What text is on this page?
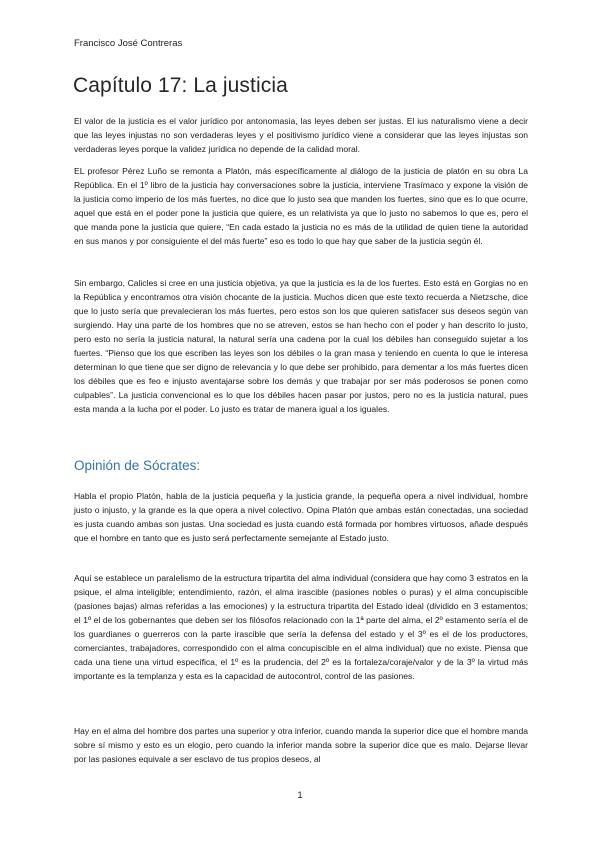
Francisco José Contreras
Capítulo 17: La justicia

El valor de la justicia es el valor jurídico por antonomasia, las leyes deben ser justas. El ius naturalismo viene a decir que las leyes injustas no son verdaderas leyes y el positivismo jurídico viene a considerar que las leyes injustas son verdaderas leyes porque la validez jurídica no depende de la calidad moral.

EL profesor Pérez Luño se remonta a Platón, más específicamente al diálogo de la justicia de platón en su obra La República. En el 1º libro de la justicia hay conversaciones sobre la justicia, interviene Trasímaco y expone la visión de la justicia como imperio de los más fuertes, no dice que lo justo sea que manden los fuertes, sino que es lo que ocurre, aquel que está en el poder pone la justicia que quiere, es un relativista ya que lo justo no sabemos lo que es, pero el que manda pone la justicia que quiere, “En cada estado la justicia no es más de la utilidad de quien tiene la autoridad en sus manos y por consiguiente el del más fuerte” eso es todo lo que hay que saber de la justicia según él.

Sin embargo, Calicles si cree en una justicia objetiva, ya que la justicia es la de los fuertes. Esto está en Gorgias no en la República y encontramos otra visión chocante de la justicia. Muchos dicen que este texto recuerda a Nietzsche, dice que lo justo sería que prevalecieran los más fuertes, pero estos son los que quieren satisfacer sus deseos según van surgiendo. Hay una parte de los hombres que no se atreven, estos se han hecho con el poder y han descrito lo justo, pero esto no sería la justicia natural, la natural sería una cadena por la cual los débiles han conseguido sujetar a los fuertes. “Pienso que los que escriben las leyes son los débiles o la gran masa y teniendo en cuenta lo que le interesa determinan lo que tiene que ser digno de relevancia y lo que debe ser prohibido, para dementar a los más fuertes dicen los débiles que es feo e injusto aventajarse sobre los demás y que trabajar por ser más poderosos se ponen como culpables”. La justicia convencional es lo que los débiles hacen pasar por justos, pero no es la justicia natural, pues esta manda a la lucha por el poder. Lo justo es tratar de manera igual a los iguales.

Opinión de Sócrates:

Habla el propio Platón, habla de la justicia pequeña y la justicia grande, la pequeña opera a nivel individual, hombre justo o injusto, y la grande es la que opera a nivel colectivo. Opina Platón que ambas están conectadas, una sociedad es justa cuando ambas son justas. Una sociedad es justa cuando está formada por hombres virtuosos, añade después que el hombre en tanto que es justo será perfectamente semejante al Estado justo.

Aquí se establece un paralelismo de la estructura tripartita del alma individual (considera que hay como 3 estratos en la psique, el alma inteligible; entendimiento, razón, el alma irascible (pasiones nobles o puras) y el alma concupiscible (pasiones bajas) almas referidas a las emociones) y la estructura tripartita del Estado ideal (dividido en 3 estamentos; el 1º el de los gobernantes que deben ser los filósofos relacionado con la 1ª parte del alma, el 2º estamento sería el de los guardianes o guerreros con la parte irascible que sería la defensa del estado y el 3º es el de los productores, comerciantes, trabajadores, correspondido con el alma concupiscible en el alma individual) que no existe. Piensa que cada una tiene una virtud específica, el 1º es la prudencia, del 2º es la fortaleza/coraje/valor y de la 3º la virtud más importante es la templanza y esta es la capacidad de autocontrol, control de las pasiones.

Hay en el alma del hombre dos partes una superior y otra inferior, cuando manda la superior dice que el hombre manda sobre sí mismo y esto es un elogio, pero cuando la inferior manda sobre la superior dice que es malo. Dejarse llevar por las pasiones equivale a ser esclavo de tus propios deseos, al

1
